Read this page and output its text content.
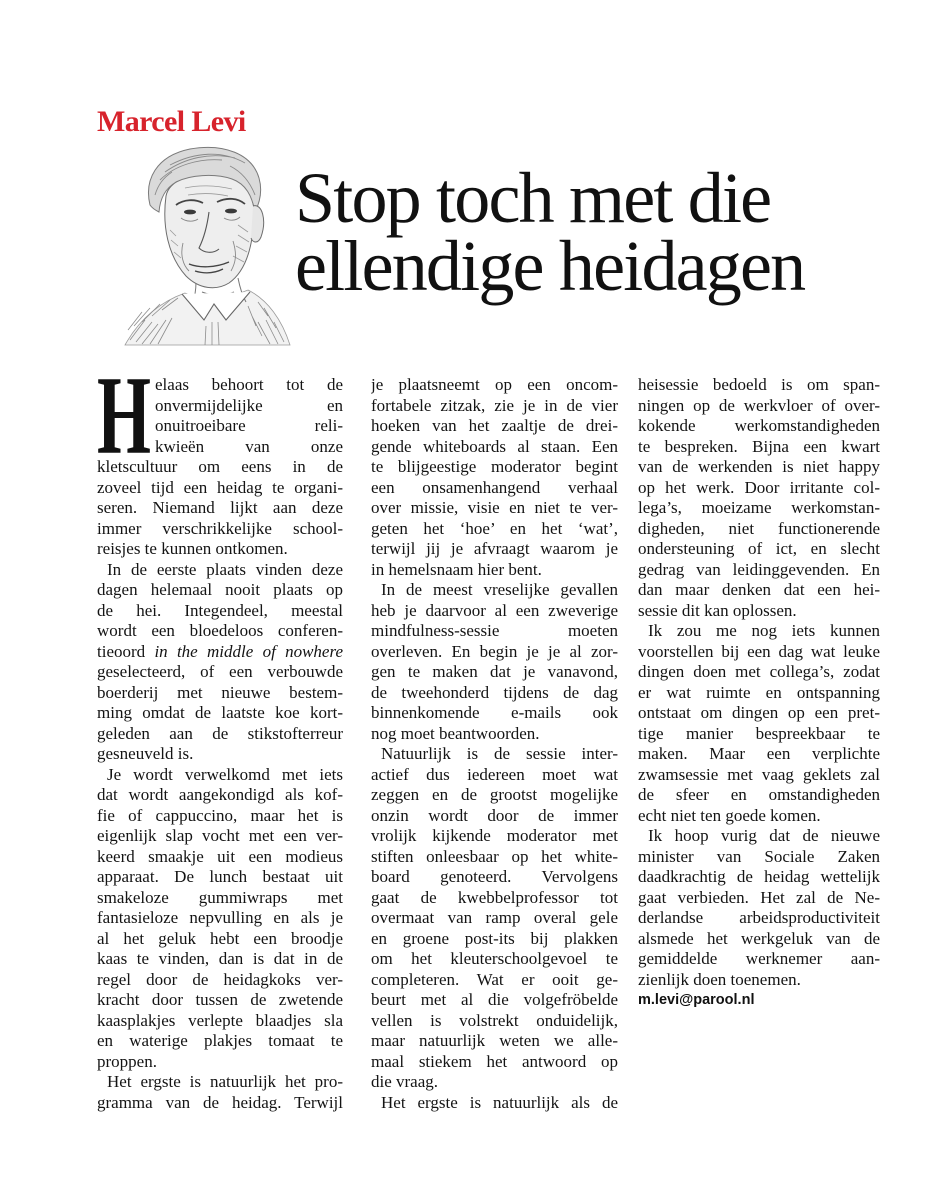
Marcel Levi
Stop toch met die
ellendige heidagen
H elaas behoort tot de
onvermijdelijke en
onuitroeibare reli-
kwieën van onze
kletscultuur om eens in de
zoveel tijd een heidag te organi-
seren. Niemand lijkt aan deze
immer verschrikkelijke school-
reisjes te kunnen ontkomen.
In de eerste plaats vinden deze
dagen helemaal nooit plaats op
de hei. Integendeel, meestal
wordt een bloedeloos conferen-
tieoord in the middle of nowhere
geselecteerd, of een verbouwde
boerderij met nieuwe bestem-
ming omdat de laatste koe kort-
geleden aan de stikstofterreur
gesneuveld is.
Je wordt verwelkomd met iets
dat wordt aangekondigd als kof-
fie of cappuccino, maar het is
eigenlijk slap vocht met een ver-
keerd smaakje uit een modieus
apparaat. De lunch bestaat uit
smakeloze gummiwraps met
fantasieloze nepvulling en als je
al het geluk hebt een broodje
kaas te vinden, dan is dat in de
regel door de heidagkoks ver-
kracht door tussen de zwetende
kaasplakjes verlepte blaadjes sla
en waterige plakjes tomaat te
proppen.
Het ergste is natuurlijk het pro-
gramma van de heidag. Terwijl
je plaatsneemt op een oncom-
fortabele zitzak, zie je in de vier
hoeken van het zaaltje de drei-
gende whiteboards al staan. Een
te blijgeestige moderator begint
een onsamenhangend verhaal
over missie, visie en niet te ver-
geten het ‘hoe’ en het ‘wat’,
terwijl jij je afvraagt waarom je
in hemelsnaam hier bent.
In de meest vreselijke gevallen
heb je daarvoor al een zweverige
mindfulness-sessie moeten
overleven. En begin je je al zor-
gen te maken dat je vanavond,
de tweehonderd tijdens de dag
binnenkomende e-mails ook
nog moet beantwoorden.
Natuurlijk is de sessie inter-
actief dus iedereen moet wat
zeggen en de grootst mogelijke
onzin wordt door de immer
vrolijk kijkende moderator met
stiften onleesbaar op het white-
board genoteerd. Vervolgens
gaat de kwebbelprofessor tot
overmaat van ramp overal gele
en groene post-its bij plakken
om het kleuterschoolgevoel te
completeren. Wat er ooit ge-
beurt met al die volgefröbelde
vellen is volstrekt onduidelijk,
maar natuurlijk weten we alle-
maal stiekem het antwoord op
die vraag.
Het ergste is natuurlijk als de
heisessie bedoeld is om span-
ningen op de werkvloer of over-
kokende werkomstandigheden
te bespreken. Bijna een kwart
van de werkenden is niet happy
op het werk. Door irritante col-
lega’s, moeizame werkomstan-
digheden, niet functionerende
ondersteuning of ict, en slecht
gedrag van leidinggevenden. En
dan maar denken dat een hei-
sessie dit kan oplossen.
Ik zou me nog iets kunnen
voorstellen bij een dag wat leuke
dingen doen met collega’s, zodat
er wat ruimte en ontspanning
ontstaat om dingen op een pret-
tige manier bespreekbaar te
maken. Maar een verplichte
zwamsessie met vaag geklets zal
de sfeer en omstandigheden
echt niet ten goede komen.
Ik hoop vurig dat de nieuwe
minister van Sociale Zaken
daadkrachtig de heidag wettelijk
gaat verbieden. Het zal de Ne-
derlandse arbeidsproductiviteit
alsmede het werkgeluk van de
gemiddelde werknemer aan-
zienlijk doen toenemen.
m.levi@parool.nl
